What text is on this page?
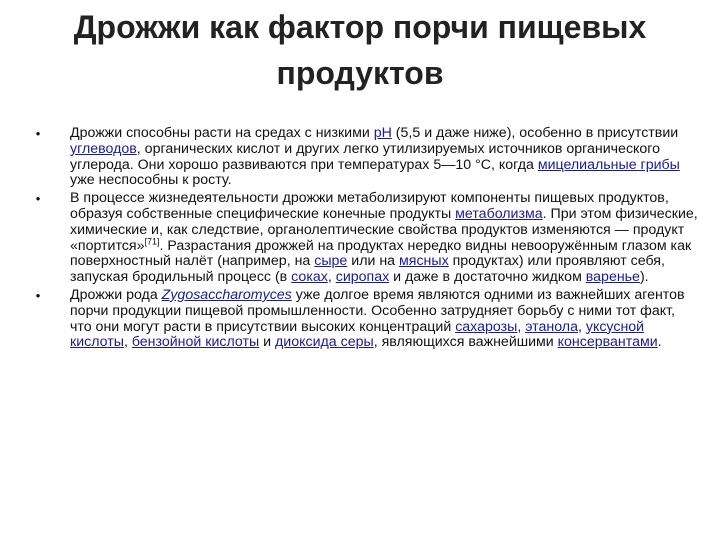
Дрожжи как фактор порчи пищевых продуктов
•	Дрожжи способны расти на средах с низкими pH (5,5 и даже ниже), особенно в присутствии углеводов, органических кислот и других легко утилизируемых источников органического углерода. Они хорошо развиваются при температурах 5—10 °C, когда мицелиальные грибы уже неспособны к росту.
•	В процессе жизнедеятельности дрожжи метаболизируют компоненты пищевых продуктов, образуя собственные специфические конечные продукты метаболизма. При этом физические, химические и, как следствие, органолептические свойства продуктов изменяются — продукт «портится»[71]. Разрастания дрожжей на продуктах нередко видны невооружённым глазом как поверхностный налёт (например, на сыре или на мясных продуктах) или проявляют себя, запуская бродильный процесс (в соках, сиропах и даже в достаточно жидком варенье).
•	Дрожжи рода Zygosaccharomyces уже долгое время являются одними из важнейших агентов порчи продукции пищевой промышленности. Особенно затрудняет борьбу с ними тот факт, что они могут расти в присутствии высоких концентраций сахарозы, этанола, уксусной кислоты, бензойной кислоты и диоксида серы, являющихся важнейшими консервантами.
